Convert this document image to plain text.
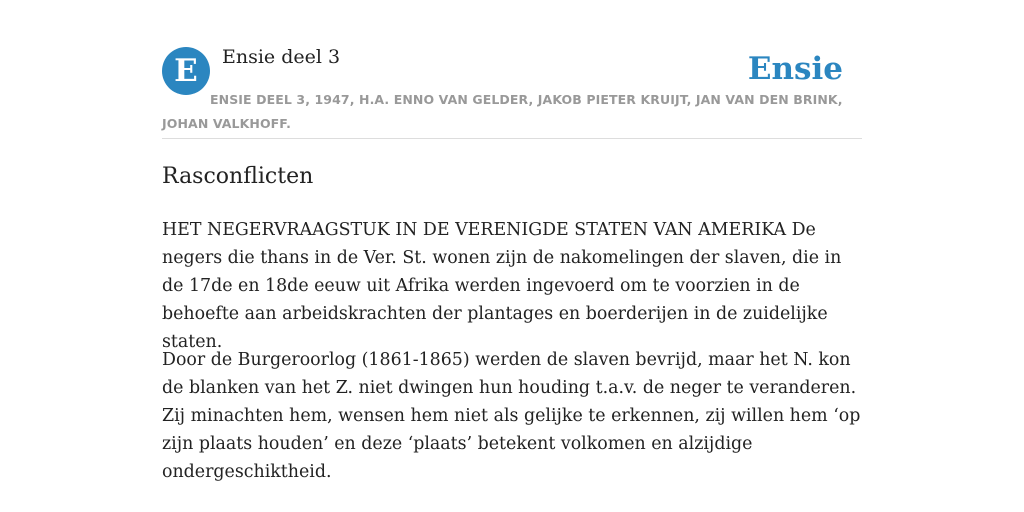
E	Ensie deel 3	Ensie
ENSIE DEEL 3, 1947, H.A. ENNO VAN GELDER, JAKOB PIETER KRUIJT, JAN VAN DEN BRINK, JOHAN VALKHOFF.
Rasconflicten

HET NEGERVRAAGSTUK IN DE VERENIGDE STATEN VAN AMERIKA De negers die thans in de Ver. St. wonen zijn de nakomelingen der slaven, die in de 17de en 18de eeuw uit Afrika werden ingevoerd om te voorzien in de behoefte aan arbeidskrachten der plantages en boerderijen in de zuidelijke staten.

Door de Burgeroorlog (1861-1865) werden de slaven bevrijd, maar het N. kon de blanken van het Z. niet dwingen hun houding t.a.v. de neger te veranderen. Zij minachten hem, wensen hem niet als gelijke te erkennen, zij willen hem ‘op zijn plaats houden’ en deze ‘plaats’ betekent volkomen en alzijdige ondergeschiktheid.
